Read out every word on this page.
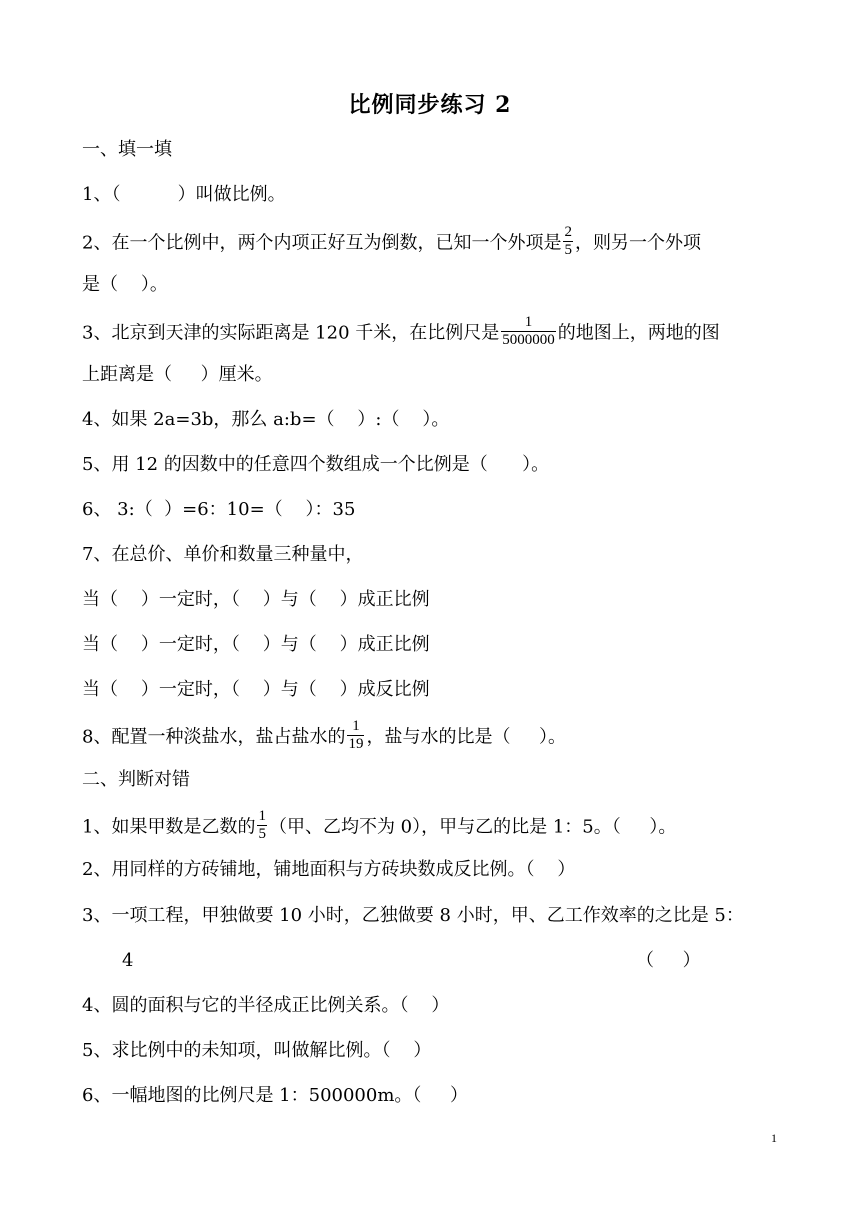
比例同步练习 2
一、填一填
1、（          ）叫做比例。
2、在一个比例中，两个内项正好互为倒数，已知一个外项是 $\frac{2}{5}$ ，则另一个外项
是（    ）。
3、北京到天津的实际距离是 120 千米，在比例尺是 $\frac{1}{5000000}$ 的地图上，两地的图
上距离是（     ）厘米。
4、如果 2a=3b，那么 a:b=（    ）:（    ）。
5、用 12 的因数中的任意四个数组成一个比例是（      ）。
6、 3:（  ）=6：10=（    ）：35
7、在总价、单价和数量三种量中，
当（    ）一定时，（    ）与（    ）成正比例
当（    ）一定时，（    ）与（    ）成正比例
当（    ）一定时，（    ）与（    ）成反比例
8、配置一种淡盐水，盐占盐水的 $\frac{1}{19}$ ，盐与水的比是（     ）。
二、判断对错
1、如果甲数是乙数的 $\frac{1}{5}$ （甲、乙均不为 0），甲与乙的比是 1：5。（     ）。
2、用同样的方砖铺地，铺地面积与方砖块数成反比例。（    ）
3、一项工程，甲独做要 10 小时，乙独做要 8 小时，甲、乙工作效率的之比是 5：
4	（     ）
4、圆的面积与它的半径成正比例关系。（    ）
5、求比例中的未知项，叫做解比例。（    ）
6、一幅地图的比例尺是 1：500000m。（     ）
1
